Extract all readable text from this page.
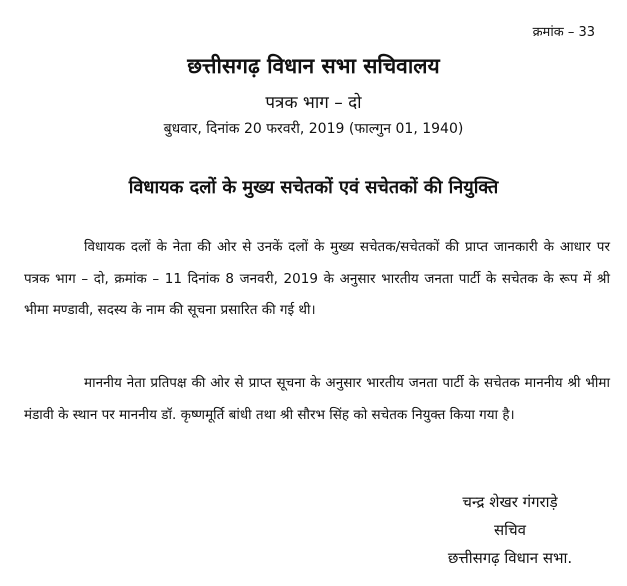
क्रमांक – 33
छत्तीसगढ़ विधान सभा सचिवालय
पत्रक भाग – दो
बुधवार, दिनांक 20 फरवरी, 2019 (फाल्गुन 01, 1940)
विधायक दलों के मुख्य सचेतकों एवं सचेतकों की नियुक्ति
विधायक दलों के नेता की ओर से उनकें दलों के मुख्य सचेतक/सचेतकों की प्राप्त जानकारी के आधार पर पत्रक भाग – दो, क्रमांक – 11 दिनांक 8 जनवरी, 2019 के अनुसार भारतीय जनता पार्टी के सचेतक के रूप में श्री भीमा मण्डावी, सदस्य के नाम की सूचना प्रसारित की गई थी।
माननीय नेता प्रतिपक्ष की ओर से प्राप्त सूचना के अनुसार भारतीय जनता पार्टी के सचेतक माननीय श्री भीमा मंडावी के स्थान पर माननीय डॉ. कृष्णमूर्ति बांधी तथा श्री सौरभ सिंह को सचेतक नियुक्त किया गया है।
चन्द्र शेखर गंगराड़े
सचिव
छत्तीसगढ़ विधान सभा.
